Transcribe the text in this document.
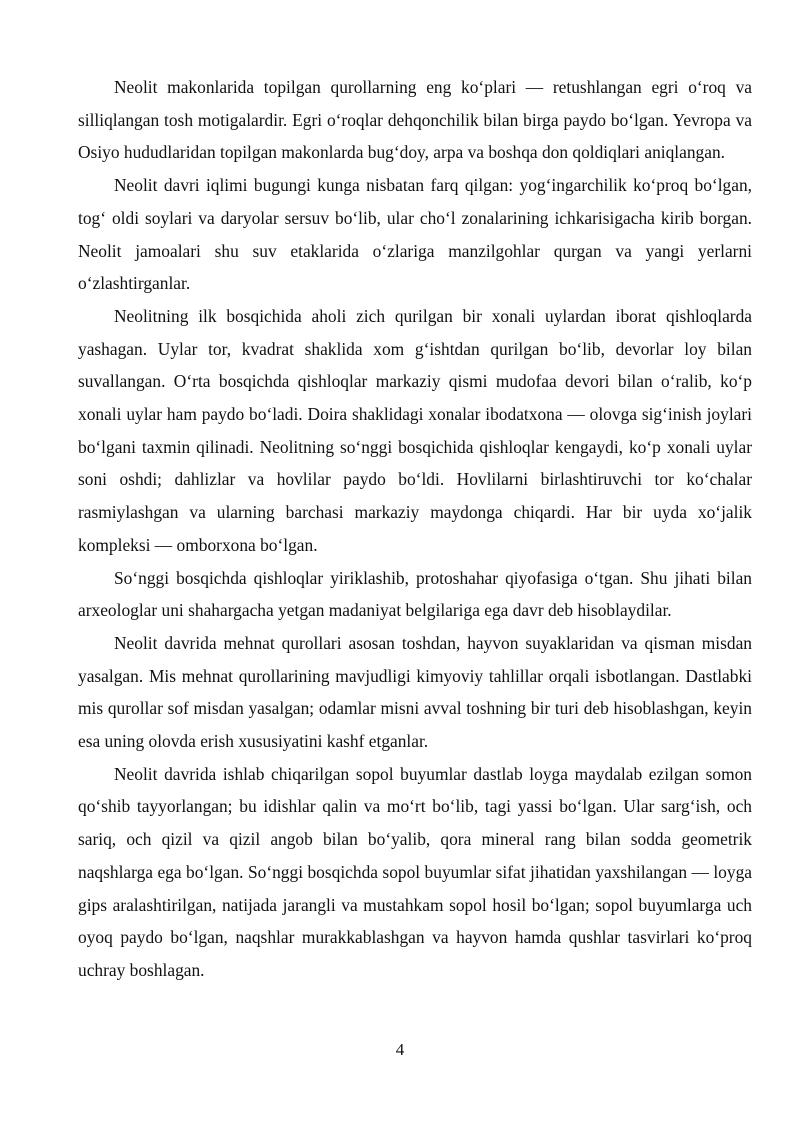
Neolit makonlarida topilgan qurollarning eng ko‘plari — retushlangan egri o‘roq va silliqlangan tosh motigalardir. Egri o‘roqlar dehqonchilik bilan birga paydo bo‘lgan. Yevropa va Osiyo hududlaridan topilgan makonlarda bug‘doy, arpa va boshqa don qoldiqlari aniqlangan.

Neolit davri iqlimi bugungi kunga nisbatan farq qilgan: yog‘ingarchilik ko‘proq bo‘lgan, tog‘ oldi soylari va daryolar sersuv bo‘lib, ular cho‘l zonalarining ichkarisigacha kirib borgan. Neolit jamoalari shu suv etaklarida o‘zlariga manzilgohlar qurgan va yangi yerlarni o‘zlashtirganlar.

Neolitning ilk bosqichida aholi zich qurilgan bir xonali uylardan iborat qishloqlarda yashagan. Uylar tor, kvadrat shaklida xom g‘ishtdan qurilgan bo‘lib, devorlar loy bilan suvallangan. O‘rta bosqichda qishloqlar markaziy qismi mudofaa devori bilan o‘ralib, ko‘p xonali uylar ham paydo bo‘ladi. Doira shaklidagi xonalar ibodatxona — olovga sig‘inish joylari bo‘lgani taxmin qilinadi. Neolitning so‘nggi bosqichida qishloqlar kengaydi, ko‘p xonali uylar soni oshdi; dahlizlar va hovlilar paydo bo‘ldi. Hovlilarni birlashtiruvchi tor ko‘chalar rasmiylashgan va ularning barchasi markaziy maydonga chiqardi. Har bir uyda xo‘jalik kompleksi — omborxona bo‘lgan.

So‘nggi bosqichda qishloqlar yiriklashib, protoshahar qiyofasiga o‘tgan. Shu jihati bilan arxeologlar uni shahargacha yetgan madaniyat belgilariga ega davr deb hisoblaydilar.

Neolit davrida mehnat qurollari asosan toshdan, hayvon suyaklaridan va qisman misdan yasalgan. Mis mehnat qurollarining mavjudligi kimyoviy tahlillar orqali isbotlangan. Dastlabki mis qurollar sof misdan yasalgan; odamlar misni avval toshning bir turi deb hisoblashgan, keyin esa uning olovda erish xususiyatini kashf etganlar.

Neolit davrida ishlab chiqarilgan sopol buyumlar dastlab loyga maydalab ezilgan somon qo‘shib tayyorlangan; bu idishlar qalin va mo‘rt bo‘lib, tagi yassi bo‘lgan. Ular sarg‘ish, och sariq, och qizil va qizil angob bilan bo‘yalib, qora mineral rang bilan sodda geometrik naqshlarga ega bo‘lgan. So‘nggi bosqichda sopol buyumlar sifat jihatidan yaxshilangan — loyga gips aralashtirilgan, natijada jarangli va mustahkam sopol hosil bo‘lgan; sopol buyumlarga uch oyoq paydo bo‘lgan, naqshlar murakkablashgan va hayvon hamda qushlar tasvirlari ko‘proq uchray boshlagan.

4
